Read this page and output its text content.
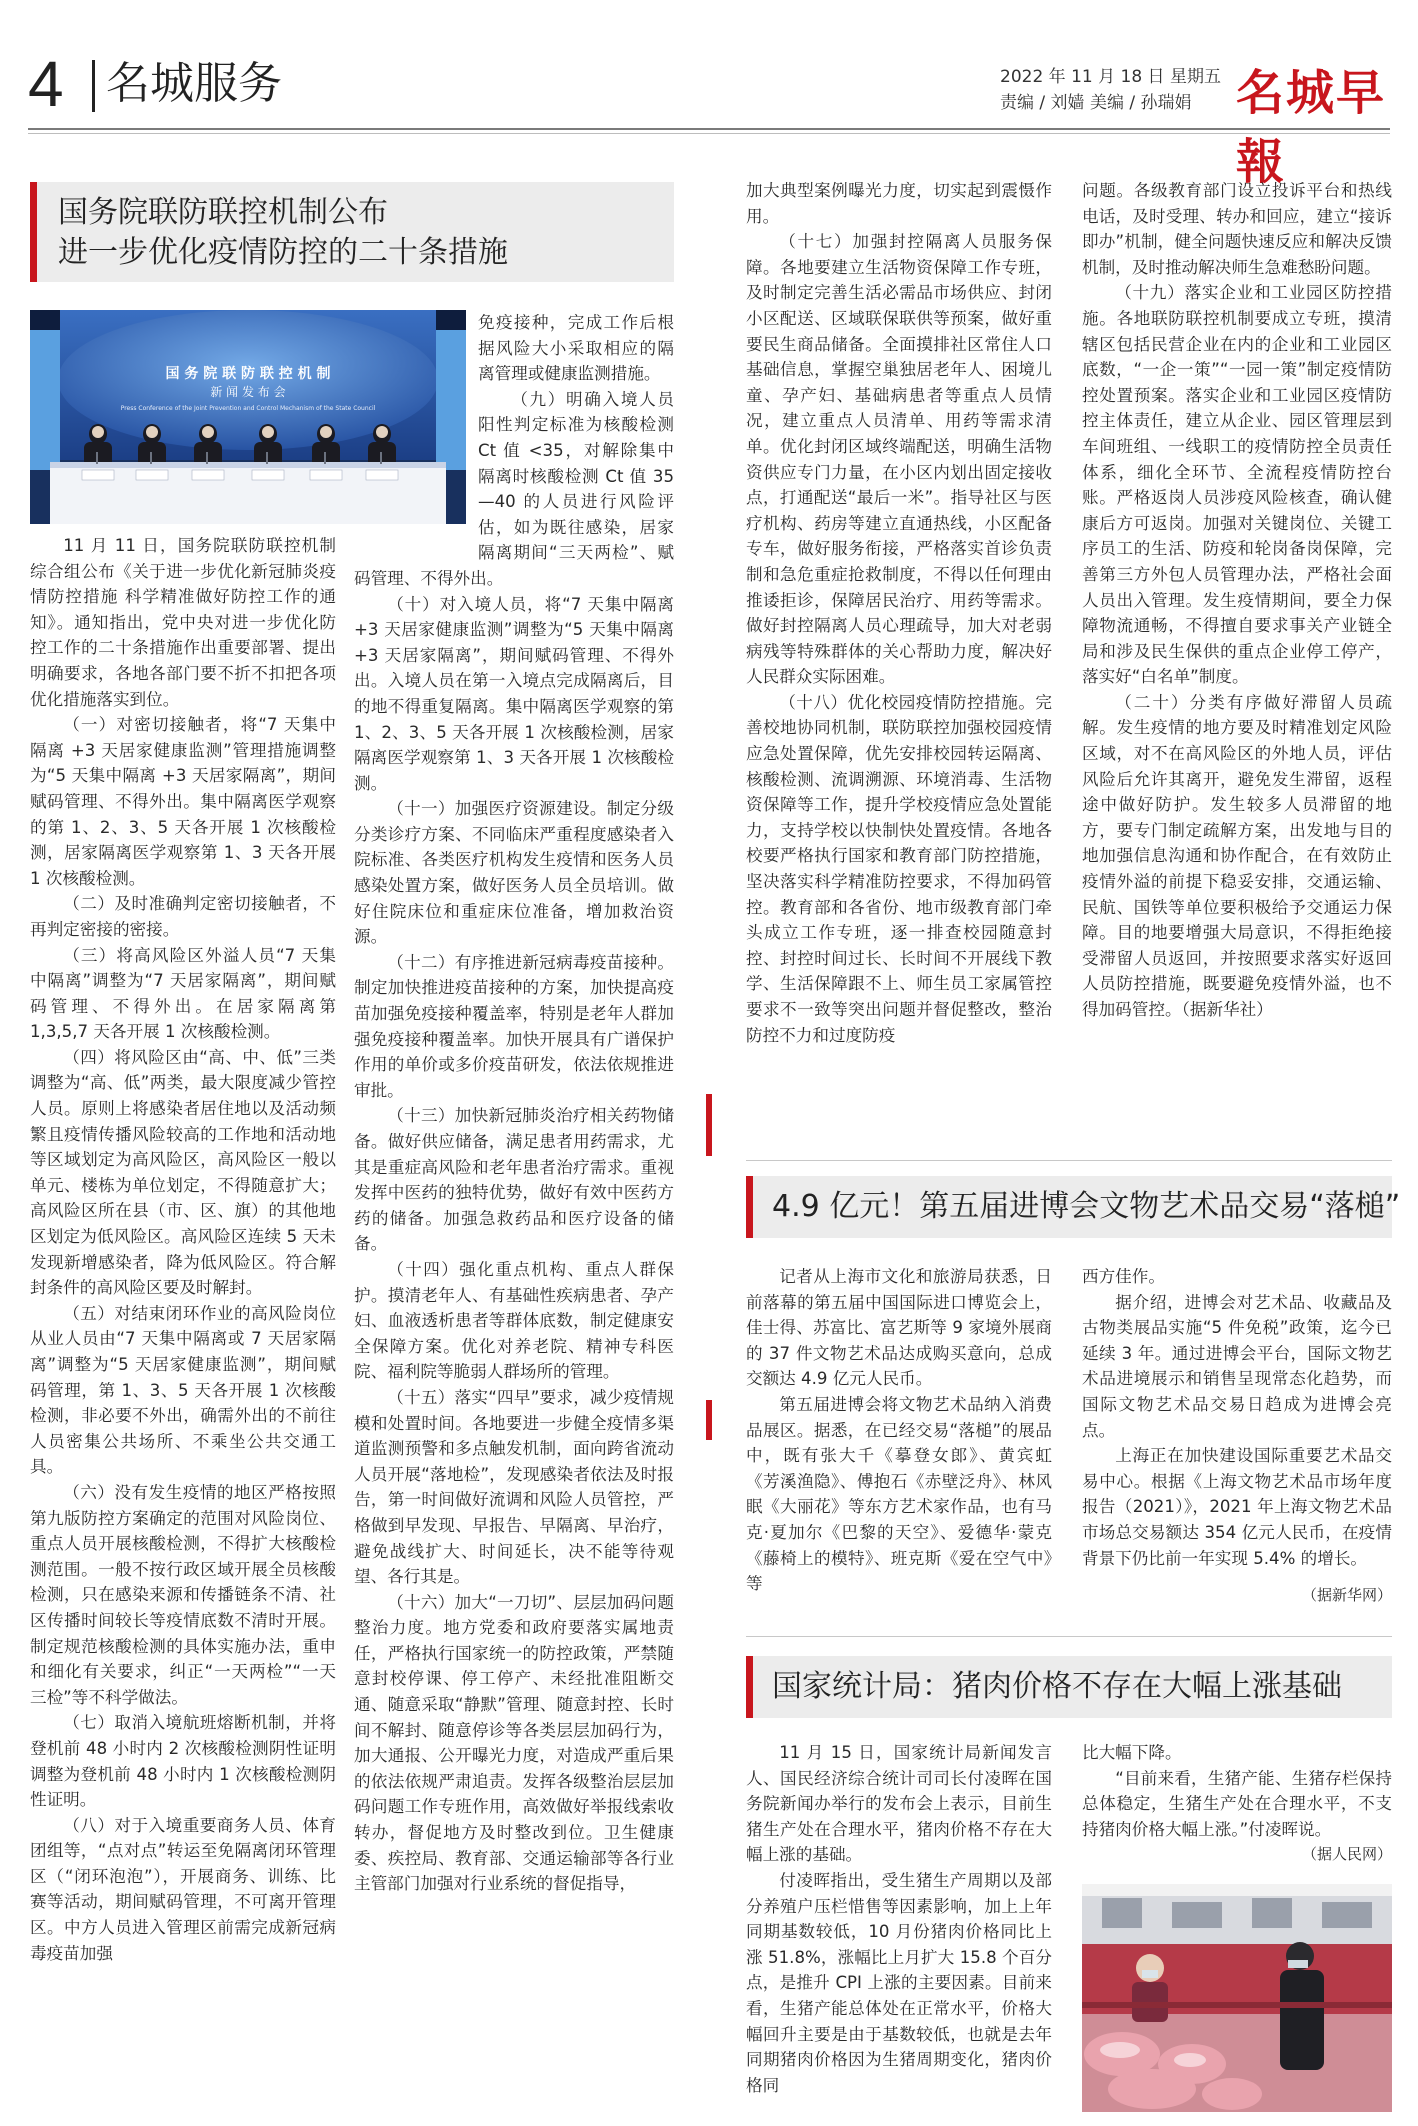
4 名城服务	2022 年 11 月 18 日 星期五
责编 / 刘嫱 美编 / 孙瑞娟 名城早報
国务院联防联控机制公布
进一步优化疫情防控的二十条措施
国 务 院 联 防 联 控 机 制
新 闻 发 布 会
Press Conference of the Joint Prevention and Control Mechanism of the State Council

11 月 11 日，国务院联防联控机制综合组公布《关于进一步优化新冠肺炎疫情防控措施 科学精准做好防控工作的通知》。通知指出，党中央对进一步优化防控工作的二十条措施作出重要部署、提出明确要求，各地各部门要不折不扣把各项优化措施落实到位。

（一）对密切接触者，将“7 天集中隔离 +3 天居家健康监测”管理措施调整为“5 天集中隔离 +3 天居家隔离”，期间赋码管理、不得外出。集中隔离医学观察的第 1、2、3、5 天各开展 1 次核酸检测，居家隔离医学观察第 1、3 天各开展 1 次核酸检测。

（二）及时准确判定密切接触者，不再判定密接的密接。

（三）将高风险区外溢人员“7 天集中隔离”调整为“7 天居家隔离”，期间赋码管理、不得外出。在居家隔离第 1,3,5,7 天各开展 1 次核酸检测。

（四）将风险区由“高、中、低”三类调整为“高、低”两类，最大限度减少管控人员。原则上将感染者居住地以及活动频繁且疫情传播风险较高的工作地和活动地等区域划定为高风险区，高风险区一般以单元、楼栋为单位划定，不得随意扩大；高风险区所在县（市、区、旗）的其他地区划定为低风险区。高风险区连续 5 天未发现新增感染者，降为低风险区。符合解封条件的高风险区要及时解封。

（五）对结束闭环作业的高风险岗位从业人员由“7 天集中隔离或 7 天居家隔离”调整为“5 天居家健康监测”，期间赋码管理，第 1、3、5 天各开展 1 次核酸检测，非必要不外出，确需外出的不前往人员密集公共场所、不乘坐公共交通工具。

（六）没有发生疫情的地区严格按照第九版防控方案确定的范围对风险岗位、重点人员开展核酸检测，不得扩大核酸检测范围。一般不按行政区域开展全员核酸检测，只在感染来源和传播链条不清、社区传播时间较长等疫情底数不清时开展。制定规范核酸检测的具体实施办法，重申和细化有关要求，纠正“一天两检”“一天三检”等不科学做法。

（七）取消入境航班熔断机制，并将登机前 48 小时内 2 次核酸检测阴性证明调整为登机前 48 小时内 1 次核酸检测阴性证明。

（八）对于入境重要商务人员、体育团组等，“点对点”转运至免隔离闭环管理区（“闭环泡泡”），开展商务、训练、比赛等活动，期间赋码管理，不可离开管理区。中方人员进入管理区前需完成新冠病毒疫苗加强

免疫接种，完成工作后根据风险大小采取相应的隔离管理或健康监测措施。

（九）明确入境人员阳性判定标准为核酸检测 Ct 值 <35，对解除集中隔离时核酸检测 Ct 值 35—40 的人员进行风险评估，如为既往感染，居家隔离期间“三天两检”、赋码管理、不得外出。

（十）对入境人员，将“7 天集中隔离 +3 天居家健康监测”调整为“5 天集中隔离 +3 天居家隔离”，期间赋码管理、不得外出。入境人员在第一入境点完成隔离后，目的地不得重复隔离。集中隔离医学观察的第 1、2、3、5 天各开展 1 次核酸检测，居家隔离医学观察第 1、3 天各开展 1 次核酸检测。

（十一）加强医疗资源建设。制定分级分类诊疗方案、不同临床严重程度感染者入院标准、各类医疗机构发生疫情和医务人员感染处置方案，做好医务人员全员培训。做好住院床位和重症床位准备，增加救治资源。

（十二）有序推进新冠病毒疫苗接种。制定加快推进疫苗接种的方案，加快提高疫苗加强免疫接种覆盖率，特别是老年人群加强免疫接种覆盖率。加快开展具有广谱保护作用的单价或多价疫苗研发，依法依规推进审批。

（十三）加快新冠肺炎治疗相关药物储备。做好供应储备，满足患者用药需求，尤其是重症高风险和老年患者治疗需求。重视发挥中医药的独特优势，做好有效中医药方药的储备。加强急救药品和医疗设备的储备。

（十四）强化重点机构、重点人群保护。摸清老年人、有基础性疾病患者、孕产妇、血液透析患者等群体底数，制定健康安全保障方案。优化对养老院、精神专科医院、福利院等脆弱人群场所的管理。

（十五）落实“四早”要求，减少疫情规模和处置时间。各地要进一步健全疫情多渠道监测预警和多点触发机制，面向跨省流动人员开展“落地检”，发现感染者依法及时报告，第一时间做好流调和风险人员管控，严格做到早发现、早报告、早隔离、早治疗，避免战线扩大、时间延长，决不能等待观望、各行其是。

（十六）加大“一刀切”、层层加码问题整治力度。地方党委和政府要落实属地责任，严格执行国家统一的防控政策，严禁随意封校停课、停工停产、未经批准阻断交通、随意采取“静默”管理、随意封控、长时间不解封、随意停诊等各类层层加码行为，加大通报、公开曝光力度，对造成严重后果的依法依规严肃追责。发挥各级整治层层加码问题工作专班作用，高效做好举报线索收转办，督促地方及时整改到位。卫生健康委、疾控局、教育部、交通运输部等各行业主管部门加强对行业系统的督促指导，

加大典型案例曝光力度，切实起到震慑作用。

（十七）加强封控隔离人员服务保障。各地要建立生活物资保障工作专班，及时制定完善生活必需品市场供应、封闭小区配送、区域联保联供等预案，做好重要民生商品储备。全面摸排社区常住人口基础信息，掌握空巢独居老年人、困境儿童、孕产妇、基础病患者等重点人员情况，建立重点人员清单、用药等需求清单。优化封闭区域终端配送，明确生活物资供应专门力量，在小区内划出固定接收点，打通配送“最后一米”。指导社区与医疗机构、药房等建立直通热线，小区配备专车，做好服务衔接，严格落实首诊负责制和急危重症抢救制度，不得以任何理由推诿拒诊，保障居民治疗、用药等需求。做好封控隔离人员心理疏导，加大对老弱病残等特殊群体的关心帮助力度，解决好人民群众实际困难。

（十八）优化校园疫情防控措施。完善校地协同机制，联防联控加强校园疫情应急处置保障，优先安排校园转运隔离、核酸检测、流调溯源、环境消毒、生活物资保障等工作，提升学校疫情应急处置能力，支持学校以快制快处置疫情。各地各校要严格执行国家和教育部门防控措施，坚决落实科学精准防控要求，不得加码管控。教育部和各省份、地市级教育部门牵头成立工作专班，逐一排查校园随意封控、封控时间过长、长时间不开展线下教学、生活保障跟不上、师生员工家属管控要求不一致等突出问题并督促整改，整治防控不力和过度防疫

问题。各级教育部门设立投诉平台和热线电话，及时受理、转办和回应，建立“接诉即办”机制，健全问题快速反应和解决反馈机制，及时推动解决师生急难愁盼问题。

（十九）落实企业和工业园区防控措施。各地联防联控机制要成立专班，摸清辖区包括民营企业在内的企业和工业园区底数，“一企一策”“一园一策”制定疫情防控处置预案。落实企业和工业园区疫情防控主体责任，建立从企业、园区管理层到车间班组、一线职工的疫情防控全员责任体系，细化全环节、全流程疫情防控台账。严格返岗人员涉疫风险核查，确认健康后方可返岗。加强对关键岗位、关键工序员工的生活、防疫和轮岗备岗保障，完善第三方外包人员管理办法，严格社会面人员出入管理。发生疫情期间，要全力保障物流通畅，不得擅自要求事关产业链全局和涉及民生保供的重点企业停工停产，落实好“白名单”制度。

（二十）分类有序做好滞留人员疏解。发生疫情的地方要及时精准划定风险区域，对不在高风险区的外地人员，评估风险后允许其离开，避免发生滞留，返程途中做好防护。发生较多人员滞留的地方，要专门制定疏解方案，出发地与目的地加强信息沟通和协作配合，在有效防止疫情外溢的前提下稳妥安排，交通运输、民航、国铁等单位要积极给予交通运力保障。目的地要增强大局意识，不得拒绝接受滞留人员返回，并按照要求落实好返回人员防控措施，既要避免疫情外溢，也不得加码管控。（据新华社）

4.9 亿元！第五届进博会文物艺术品交易“落槌”

记者从上海市文化和旅游局获悉，日前落幕的第五届中国国际进口博览会上，佳士得、苏富比、富艺斯等 9 家境外展商的 37 件文物艺术品达成购买意向，总成交额达 4.9 亿元人民币。

第五届进博会将文物艺术品纳入消费品展区。据悉，在已经交易“落槌”的展品中，既有张大千《摹登女郎》、黄宾虹《芳溪渔隐》、傅抱石《赤壁泛舟》、林风眠《大丽花》等东方艺术家作品，也有马克·夏加尔《巴黎的天空》、爱德华·蒙克《藤椅上的模特》、班克斯《爱在空气中》等

西方佳作。

据介绍，进博会对艺术品、收藏品及古物类展品实施“5 件免税”政策，迄今已延续 3 年。通过进博会平台，国际文物艺术品进境展示和销售呈现常态化趋势，而国际文物艺术品交易日趋成为进博会亮点。

上海正在加快建设国际重要艺术品交易中心。根据《上海文物艺术品市场年度报告（2021）》，2021 年上海文物艺术品市场总交易额达 354 亿元人民币，在疫情背景下仍比前一年实现 5.4% 的增长。

（据新华网）
国家统计局：猪肉价格不存在大幅上涨基础

11 月 15 日，国家统计局新闻发言人、国民经济综合统计司司长付凌晖在国务院新闻办举行的发布会上表示，目前生猪生产处在合理水平，猪肉价格不存在大幅上涨的基础。

付凌晖指出，受生猪生产周期以及部分养殖户压栏惜售等因素影响，加上上年同期基数较低，10 月份猪肉价格同比上涨 51.8%，涨幅比上月扩大 15.8 个百分点，是推升 CPI 上涨的主要因素。目前来看，生猪产能总体处在正常水平，价格大幅回升主要是由于基数较低，也就是去年同期猪肉价格因为生猪周期变化，猪肉价格同

比大幅下降。

“目前来看，生猪产能、生猪存栏保持总体稳定，生猪生产处在合理水平，不支持猪肉价格大幅上涨。”付凌晖说。

（据人民网）
